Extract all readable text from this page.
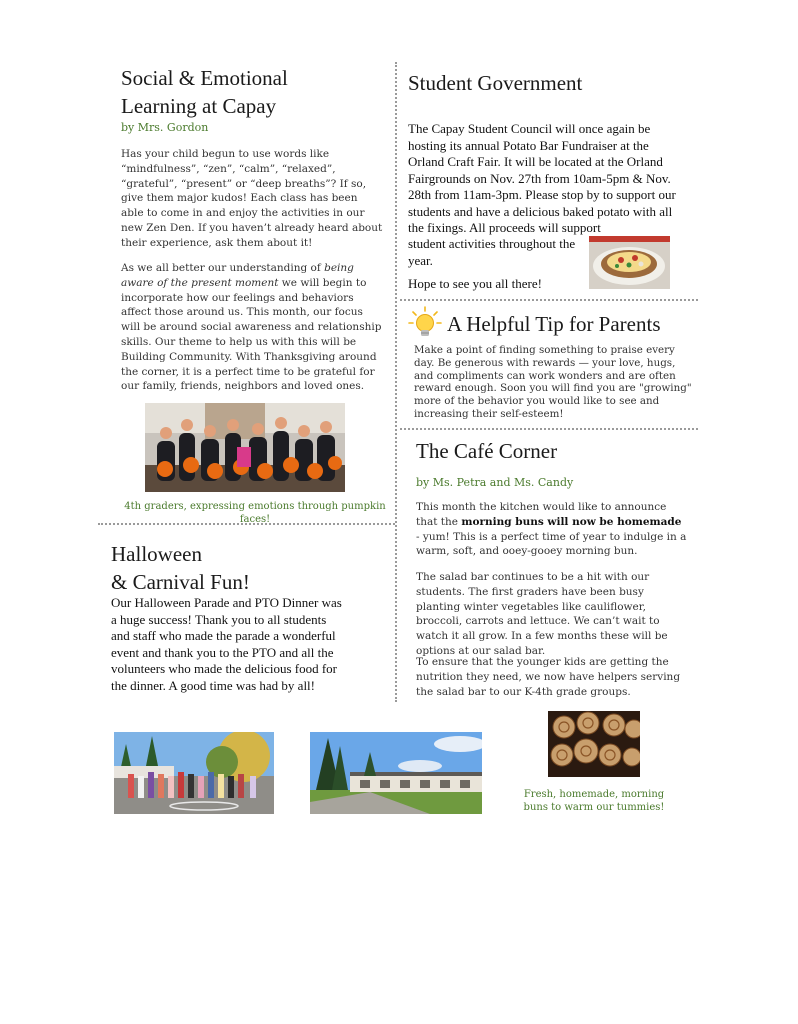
Social & Emotional
Learning at Capay
by Mrs. Gordon

Has your child begun to use words like “mindfulness”, “zen”, “calm”, “relaxed”, “grateful”, “present” or “deep breaths”? If so, give them major kudos! Each class has been able to come in and enjoy the activities in our new Zen Den. If you haven’t already heard about their experience, ask them about it!

As we all better our understanding of being aware of the present moment we will begin to incorporate how our feelings and behaviors affect those around us. This month, our focus will be around social awareness and relationship skills. Our theme to help us with this will be Building Community. With Thanksgiving around the corner, it is a perfect time to be grateful for our family, friends, neighbors and loved ones.

4th graders, expressing emotions through pumpkin faces!
Halloween
& Carnival Fun!

Our Halloween Parade and PTO Dinner was a huge success! Thank you to all students and staff who made the parade a wonderful event and thank you to the PTO and all the volunteers who made the delicious food for the dinner. A good time was had by all!

Student Government

The Capay Student Council will once again be hosting its annual Potato Bar Fundraiser at the Orland Craft Fair. It will be located at the Orland Fairgrounds on Nov. 27th from 10am-5pm & Nov. 28th from 11am-3pm. Please stop by to support our students and have a delicious baked potato with all the fixings. All proceeds will support

student activities throughout the year.

Hope to see you all there!

A Helpful Tip for Parents

Make a point of finding something to praise every day. Be generous with rewards — your love, hugs, and compliments can work wonders and are often reward enough. Soon you will find you are "growing" more of the behavior you would like to see and increasing their self-esteem!

The Café Corner
by Ms. Petra and Ms. Candy

This month the kitchen would like to announce that the morning buns will now be homemade - yum! This is a perfect time of year to indulge in a warm, soft, and ooey-gooey morning bun.

The salad bar continues to be a hit with our students. The first graders have been busy planting winter vegetables like cauliflower, broccoli, carrots and lettuce. We can’t wait to watch it all grow. In a few months these will be options at our salad bar.

To ensure that the younger kids are getting the nutrition they need, we now have helpers serving the salad bar to our K-4th grade groups.

Fresh, homemade, morning buns to warm our tummies!
